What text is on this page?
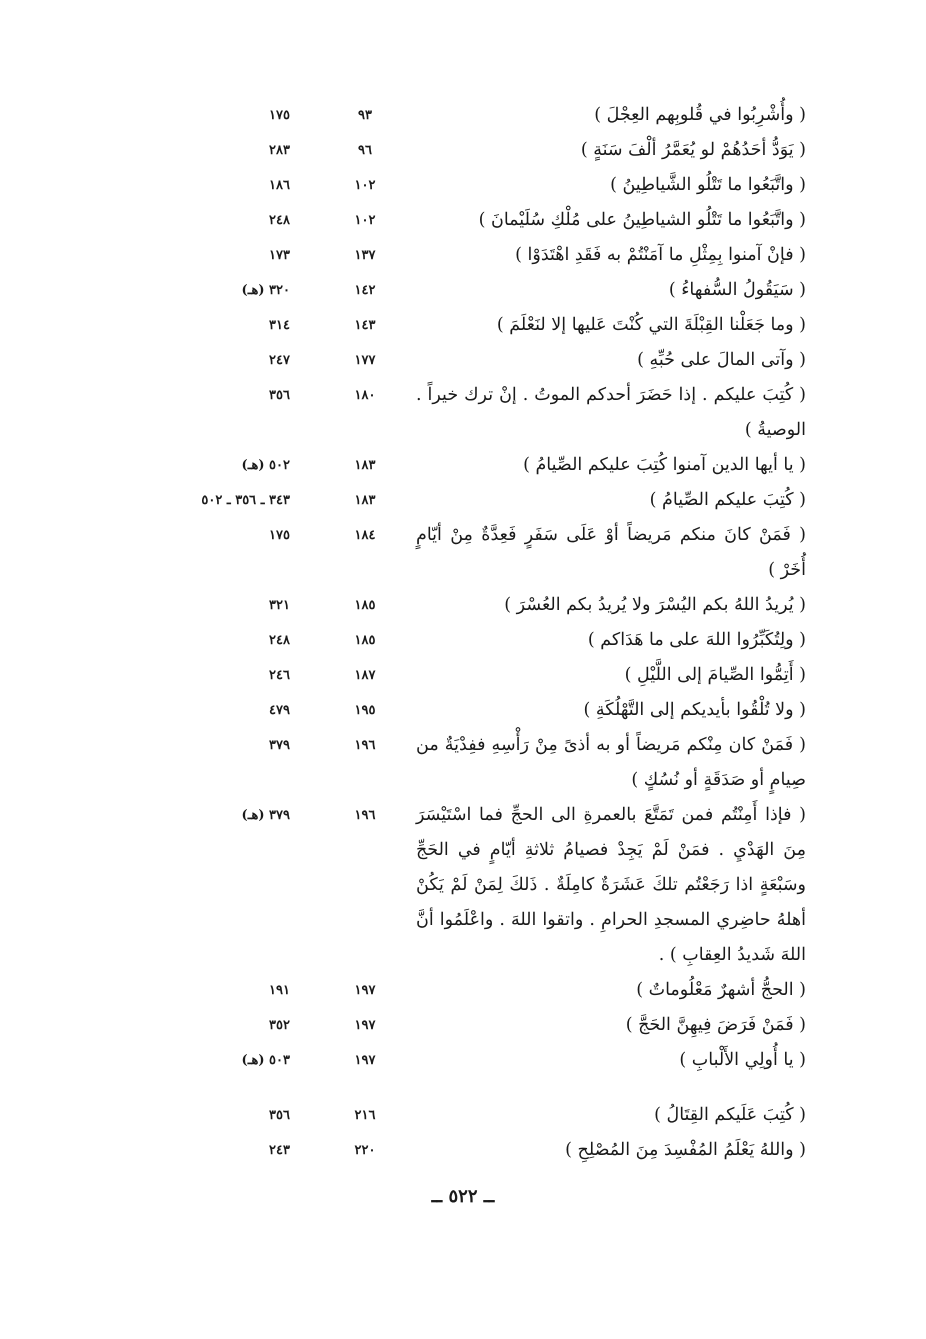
( وأُشْرِبُوا في قُلوبِهم العِجْلَ )
٩٣
١٧٥
( يَوَدُّ أحَدُهُمْ لو يُعَمَّرُ ألْفَ سَنَةٍ )
٩٦
٢٨٣
( واتَّبَعُوا ما تَتْلُو الشَّياطِينُ )
١٠٢
١٨٦
( واتَّبَعُوا ما تَتْلُو الشياطِينُ على مُلْكِ سُلَيْمانَ )
١٠٢
٢٤٨
( فإنْ آمنوا بِمِثْلِ ما آمَنْتُمْ به فَقَدِ اهْتَدَوْا )
١٣٧
١٧٣
( سَيَقُولُ السُّفهاءُ )
١٤٢
٣٢٠ (هـ)
( وما جَعَلْنا القِبْلَةَ التي كُنْتَ عَليها إلا لنَعْلَمَ )
١٤٣
٣١٤
( وآتى المالَ على حُبِّهِ )
١٧٧
٢٤٧
( كُتِبَ عليكم . إذا حَضَرَ أحدكم الموتُ . إنْ ترك خيراً . الوصيةُ )
١٨٠
٣٥٦
( يا أيها الدين آمنوا كُتِبَ عليكم الصِّيامُ )
١٨٣
٥٠٢ (هـ)
( كُتِبَ عليكم الصِّيامُ )
١٨٣
٣٤٣ ـ ٣٥٦ ـ ٥٠٢
( فَمَنْ كانَ منكم مَريضاً أوْ عَلَى سَفَرٍ فَعِدَّةٌ مِنْ أيّامٍ أُخَرْ )
١٨٤
١٧٥
( يُريدُ اللهُ بكم اليُسْرَ ولا يُريدُ بكم العُسْرَ )
١٨٥
٣٢١
( ولِتُكَبِّرُوا اللهَ على ما هَدَاكم )
١٨٥
٢٤٨
( أَتِمُّوا الصِّيامَ إلى اللَّيْلِ )
١٨٧
٢٤٦
( ولا تُلْقُوا بأيديكم إلى التَّهْلُكَةِ )
١٩٥
٤٧٩
( فَمَنْ كان مِنْكم مَريضاً أو به أذىً مِنْ رَأْسِهِ ففِدْيَةٌ من صِيامٍ أو صَدَقَةٍ أو نُسُكٍ )
١٩٦
٣٧٩
( فإذا أَمِنْتُم فمن تَمَتَّعَ بالعمرةِ الى الحجِّ فما اسْتَيْسَرَ مِنَ الهَدْيِ . فمَنْ لَمْ يَجِدْ فصيامُ ثلاثةِ أيّامٍ في الحَجِّ وسَبْعَةٍ اذا رَجَعْتُم تلكَ عَشَرَةٌ كامِلَةٌ . ذَلكَ لِمَنْ لَمْ يَكُنْ أهلهُ حاضِري المسجدِ الحرامِ . واتقوا اللهَ . واعْلَمُوا أنَّ اللهَ شَديدُ العِقابِ ) .
١٩٦
٣٧٩ (هـ)
( الحجُّ أشهرٌ مَعْلُوماتٌ )
١٩٧
١٩١
( فَمَنْ فَرَضَ فِيهِنَّ الحَجَّ )
١٩٧
٣٥٢
( يا أُولِي الأَلْبابِ )
١٩٧
٥٠٣ (هـ)
( كُتِبَ عَلَيكم القِتَالُ )
٢١٦
٣٥٦
( واللهُ يَعْلَمُ المُفْسِدَ مِنَ المُصْلِحِ )
٢٢٠
٢٤٣
ــ ٥٢٢ ــ
